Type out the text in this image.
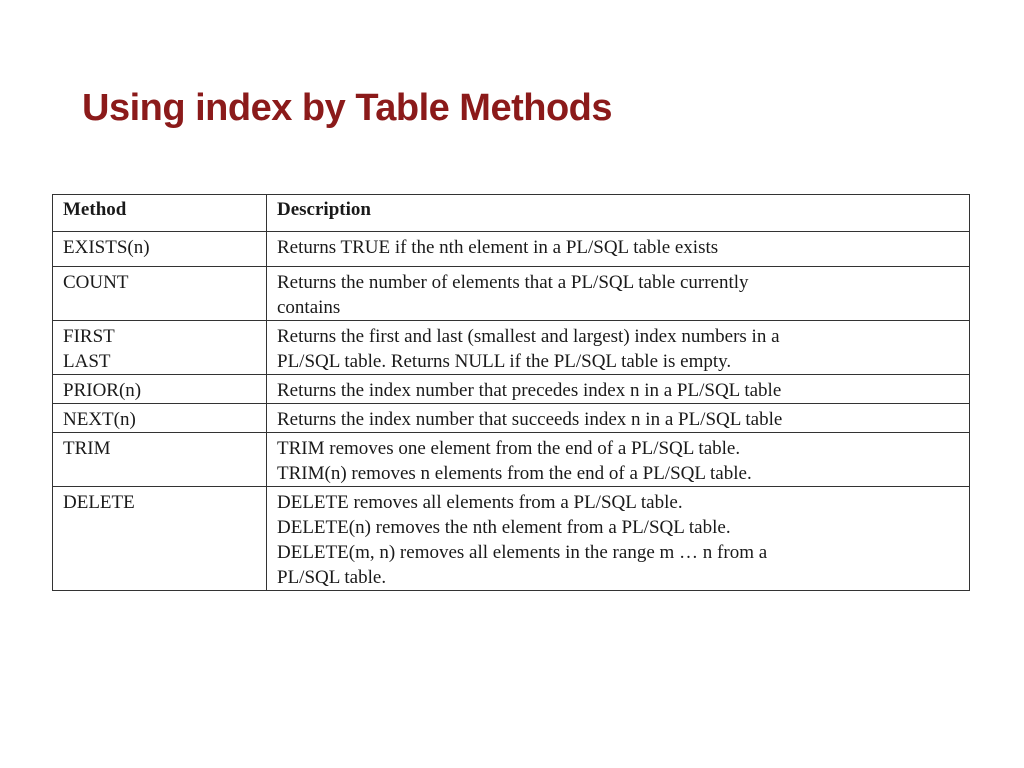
Using index by Table Methods
Method	Description

EXISTS(n)	Returns TRUE if the nth element in a PL/SQL table exists

COUNT	Returns the number of elements that a PL/SQL table currently
contains

FIRST
LAST	Returns the first and last (smallest and largest) index numbers in a
PL/SQL table. Returns NULL if the PL/SQL table is empty.

PRIOR(n)	Returns the index number that precedes index n in a PL/SQL table

NEXT(n)	Returns the index number that succeeds index n in a PL/SQL table

TRIM	TRIM removes one element from the end of a PL/SQL table.
TRIM(n) removes n elements from the end of a PL/SQL table.

DELETE	DELETE removes all elements from a PL/SQL table.
DELETE(n) removes the nth element from a PL/SQL table.
DELETE(m, n) removes all elements in the range m … n from a
PL/SQL table.
